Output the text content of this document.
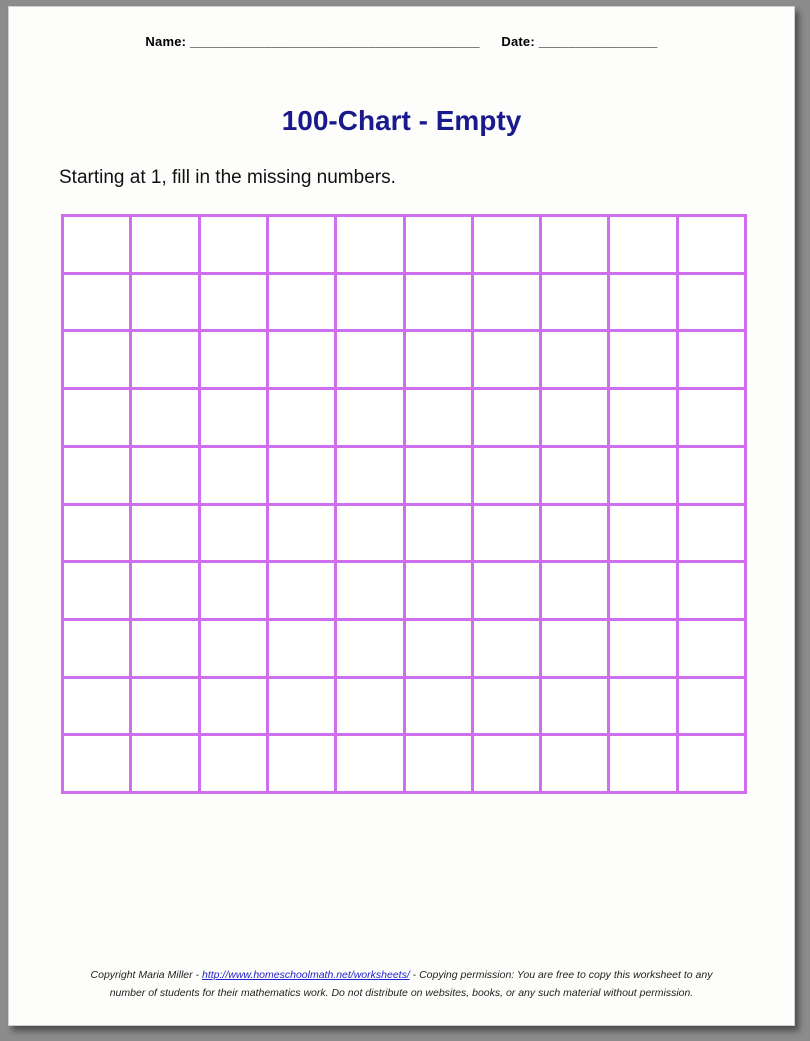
Name: _______________________________________ Date: ________________
100-Chart - Empty
Starting at 1, fill in the missing numbers.
Copyright Maria Miller - http://www.homeschoolmath.net/worksheets/ - Copying permission: You are free to copy this worksheet to any
number of students for their mathematics work. Do not distribute on websites, books, or any such material without permission.
